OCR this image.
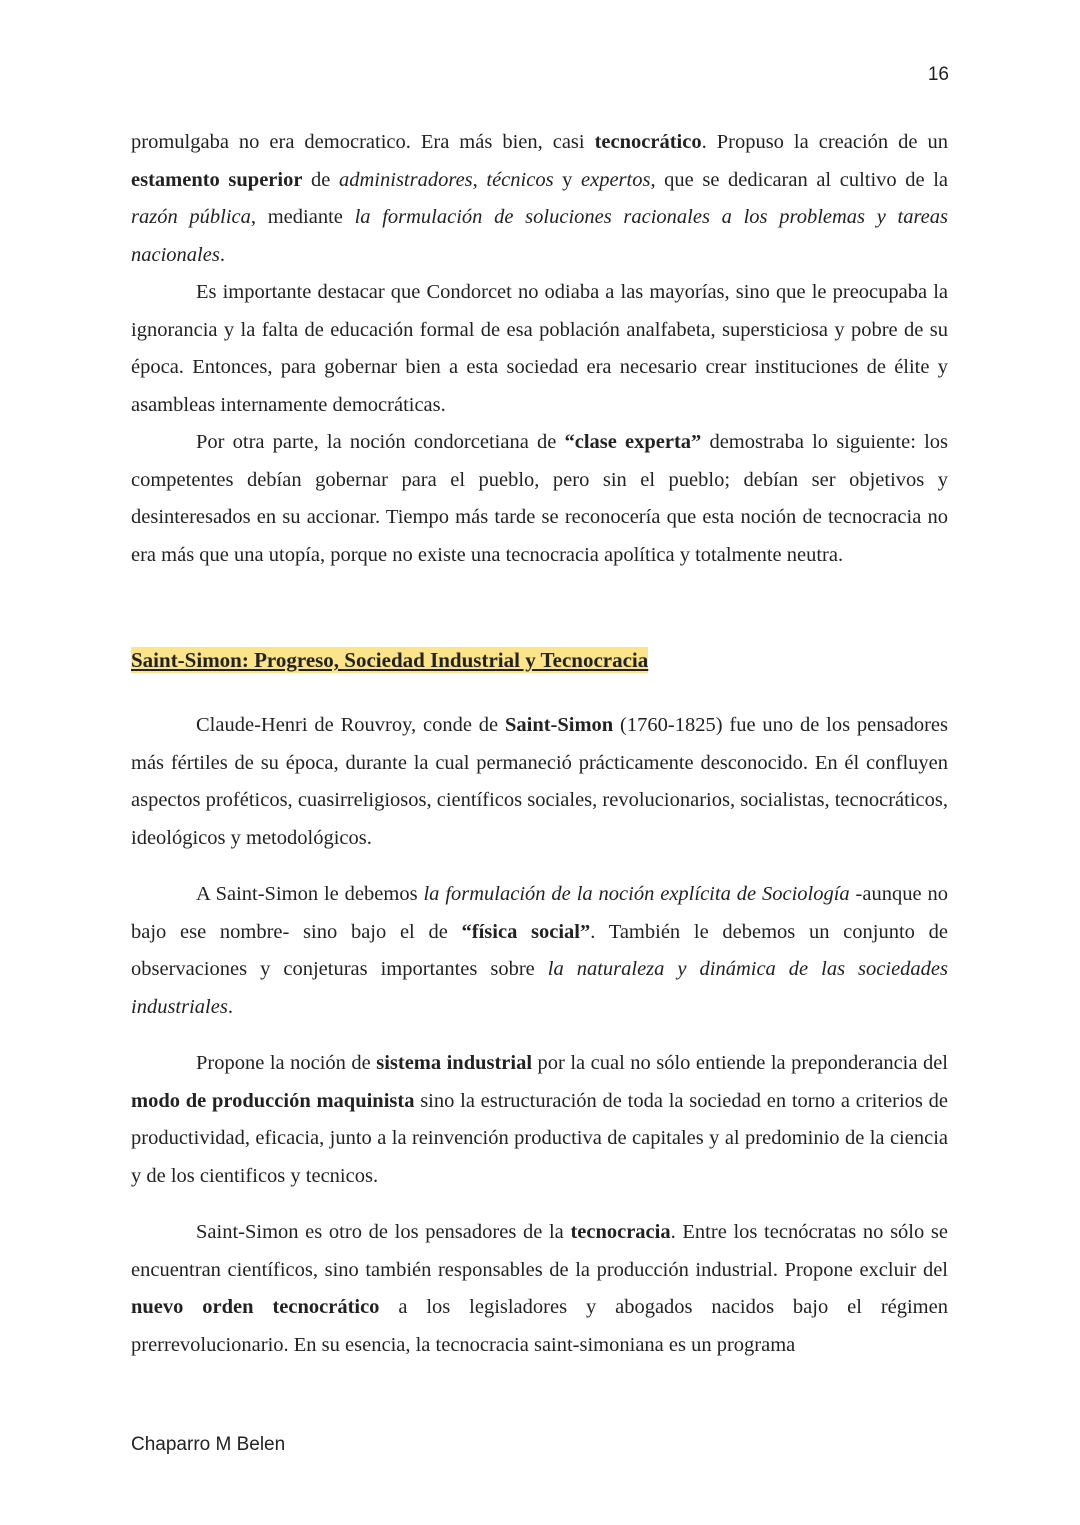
16

promulgaba no era democratico. Era más bien, casi tecnocrático. Propuso la creación de un estamento superior de administradores, técnicos y expertos, que se dedicaran al cultivo de la razón pública, mediante la formulación de soluciones racionales a los problemas y tareas nacionales.

Es importante destacar que Condorcet no odiaba a las mayorías, sino que le preocupaba la ignorancia y la falta de educación formal de esa población analfabeta, supersticiosa y pobre de su época. Entonces, para gobernar bien a esta sociedad era necesario crear instituciones de élite y asambleas internamente democráticas.

Por otra parte, la noción condorcetiana de “clase experta” demostraba lo siguiente: los competentes debían gobernar para el pueblo, pero sin el pueblo; debían ser objetivos y desinteresados en su accionar. Tiempo más tarde se reconocería que esta noción de tecnocracia no era más que una utopía, porque no existe una tecnocracia apolítica y totalmente neutra.

Saint-Simon: Progreso, Sociedad Industrial y Tecnocracia

Claude-Henri de Rouvroy, conde de Saint-Simon (1760-1825) fue uno de los pensadores más fértiles de su época, durante la cual permaneció prácticamente desconocido. En él confluyen aspectos proféticos, cuasirreligiosos, científicos sociales, revolucionarios, socialistas, tecnocráticos, ideológicos y metodológicos.

A Saint-Simon le debemos la formulación de la noción explícita de Sociología -aunque no bajo ese nombre- sino bajo el de “física social”. También le debemos un conjunto de observaciones y conjeturas importantes sobre la naturaleza y dinámica de las sociedades industriales.

Propone la noción de sistema industrial por la cual no sólo entiende la preponderancia del modo de producción maquinista sino la estructuración de toda la sociedad en torno a criterios de productividad, eficacia, junto a la reinvención productiva de capitales y al predominio de la ciencia y de los cientificos y tecnicos.

Saint-Simon es otro de los pensadores de la tecnocracia. Entre los tecnócratas no sólo se encuentran científicos, sino también responsables de la producción industrial. Propone excluir del nuevo orden tecnocrático a los legisladores y abogados nacidos bajo el régimen prerrevolucionario. En su esencia, la tecnocracia saint-simoniana es un programa

Chaparro M Belen
